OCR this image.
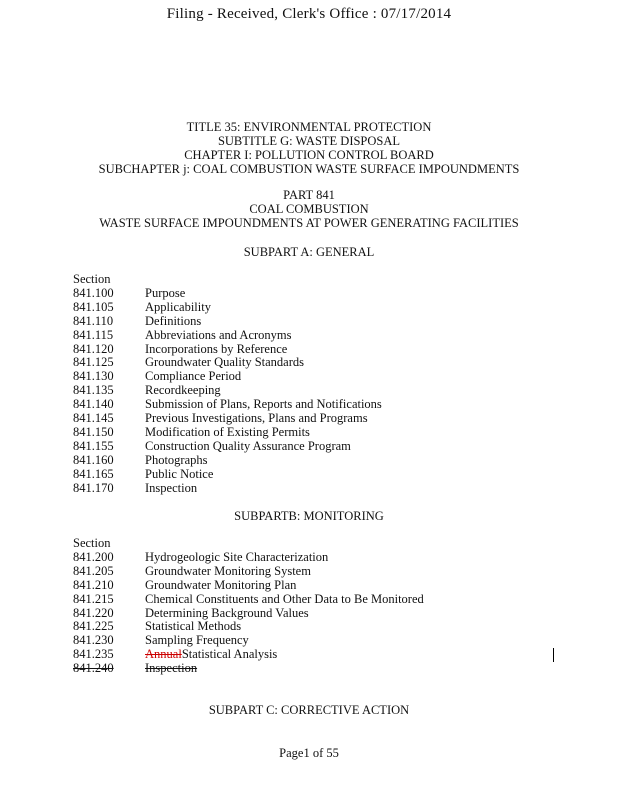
Filing - Received, Clerk's Office : 07/17/2014
TITLE 35: ENVIRONMENTAL PROTECTION
SUBTITLE G: WASTE DISPOSAL
CHAPTER I: POLLUTION CONTROL BOARD
SUBCHAPTER j: COAL COMBUSTION WASTE SURFACE IMPOUNDMENTS
PART 841
COAL COMBUSTION
WASTE SURFACE IMPOUNDMENTS AT POWER GENERATING FACILITIES
SUBPART A: GENERAL
Section
841.100	Purpose
841.105	Applicability
841.110	Definitions
841.115	Abbreviations and Acronyms
841.120	Incorporations by Reference
841.125	Groundwater Quality Standards
841.130	Compliance Period
841.135	Recordkeeping
841.140	Submission of Plans, Reports and Notifications
841.145	Previous Investigations, Plans and Programs
841.150	Modification of Existing Permits
841.155	Construction Quality Assurance Program
841.160	Photographs
841.165	Public Notice
841.170	Inspection
SUBPARTB: MONITORING
Section
841.200	Hydrogeologic Site Characterization
841.205	Groundwater Monitoring System
841.210	Groundwater Monitoring Plan
841.215	Chemical Constituents and Other Data to Be Monitored
841.220	Determining Background Values
841.225	Statistical Methods
841.230	Sampling Frequency
841.235	AnnualStatistical Analysis
841.240	Inspection
SUBPART C: CORRECTIVE ACTION
Page1 of 55
